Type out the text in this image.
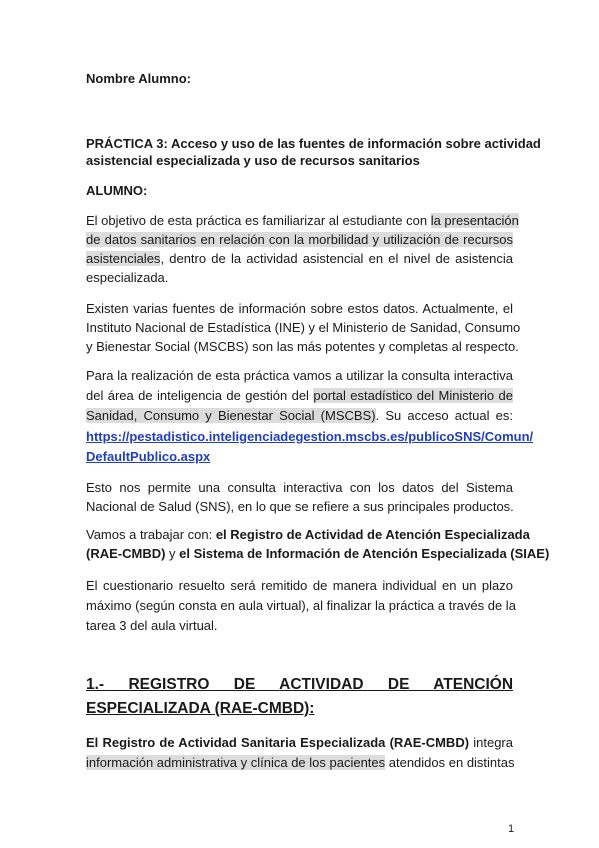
Nombre Alumno:
PRÁCTICA 3: Acceso y uso de las fuentes de información sobre actividad
asistencial especializada y uso de recursos sanitarios
ALUMNO:
El objetivo de esta práctica es familiarizar al estudiante con la presentación
de datos sanitarios en relación con la morbilidad y utilización de recursos
asistenciales, dentro de la actividad asistencial en el nivel de asistencia
especializada.
Existen varias fuentes de información sobre estos datos. Actualmente, el
Instituto Nacional de Estadística (INE) y el Ministerio de Sanidad, Consumo
y Bienestar Social (MSCBS) son las más potentes y completas al respecto.
Para la realización de esta práctica vamos a utilizar la consulta interactiva
del área de inteligencia de gestión del portal estadístico del Ministerio de
Sanidad, Consumo y Bienestar Social (MSCBS). Su acceso actual es:
https://pestadistico.inteligenciadegestion.mscbs.es/publicoSNS/Comun/
DefaultPublico.aspx
Esto nos permite una consulta interactiva con los datos del Sistema
Nacional de Salud (SNS), en lo que se refiere a sus principales productos.
Vamos a trabajar con: el Registro de Actividad de Atención Especializada
(RAE-CMBD) y el Sistema de Información de Atención Especializada (SIAE)
El cuestionario resuelto será remitido de manera individual en un plazo
máximo (según consta en aula virtual), al finalizar la práctica a través de la
tarea 3 del aula virtual.
1.- REGISTRO DE ACTIVIDAD DE ATENCIÓN
ESPECIALIZADA (RAE-CMBD):
El Registro de Actividad Sanitaria Especializada (RAE-CMBD) integra
información administrativa y clínica de los pacientes atendidos en distintas
1
